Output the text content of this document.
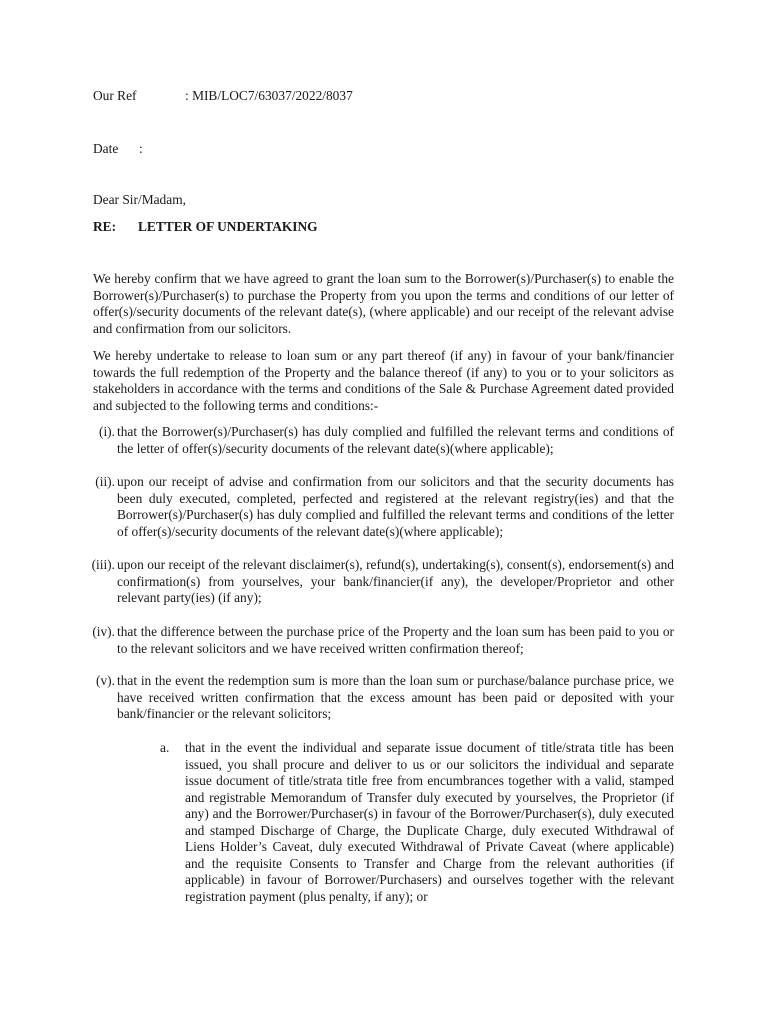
Our Ref	: MIB/LOC7/63037/2022/8037
Date :
Dear Sir/Madam,
RE: LETTER OF UNDERTAKING
We hereby confirm that we have agreed to grant the loan sum to the Borrower(s)/Purchaser(s) to enable the Borrower(s)/Purchaser(s) to purchase the Property from you upon the terms and conditions of our letter of offer(s)/security documents of the relevant date(s), (where applicable) and our receipt of the relevant advise and confirmation from our solicitors.
We hereby undertake to release to loan sum or any part thereof (if any) in favour of your bank/financier towards the full redemption of the Property and the balance thereof (if any) to you or to your solicitors as stakeholders in accordance with the terms and conditions of the Sale & Purchase Agreement dated provided and subjected to the following terms and conditions:-
(i). that the Borrower(s)/Purchaser(s) has duly complied and fulfilled the relevant terms and conditions of the letter of offer(s)/security documents of the relevant date(s)(where applicable);
(ii). upon our receipt of advise and confirmation from our solicitors and that the security documents has been duly executed, completed, perfected and registered at the relevant registry(ies) and that the Borrower(s)/Purchaser(s) has duly complied and fulfilled the relevant terms and conditions of the letter of offer(s)/security documents of the relevant date(s)(where applicable);
(iii). upon our receipt of the relevant disclaimer(s), refund(s), undertaking(s), consent(s), endorsement(s) and confirmation(s) from yourselves, your bank/financier(if any), the developer/Proprietor and other relevant party(ies) (if any);
(iv). that the difference between the purchase price of the Property and the loan sum has been paid to you or to the relevant solicitors and we have received written confirmation thereof;
(v). that in the event the redemption sum is more than the loan sum or purchase/balance purchase price, we have received written confirmation that the excess amount has been paid or deposited with your bank/financier or the relevant solicitors;
a. that in the event the individual and separate issue document of title/strata title has been issued, you shall procure and deliver to us or our solicitors the individual and separate issue document of title/strata title free from encumbrances together with a valid, stamped and registrable Memorandum of Transfer duly executed by yourselves, the Proprietor (if any) and the Borrower/Purchaser(s) in favour of the Borrower/Purchaser(s), duly executed and stamped Discharge of Charge, the Duplicate Charge, duly executed Withdrawal of Liens Holder’s Caveat, duly executed Withdrawal of Private Caveat (where applicable) and the requisite Consents to Transfer and Charge from the relevant authorities (if applicable) in favour of Borrower/Purchasers) and ourselves together with the relevant registration payment (plus penalty, if any); or
